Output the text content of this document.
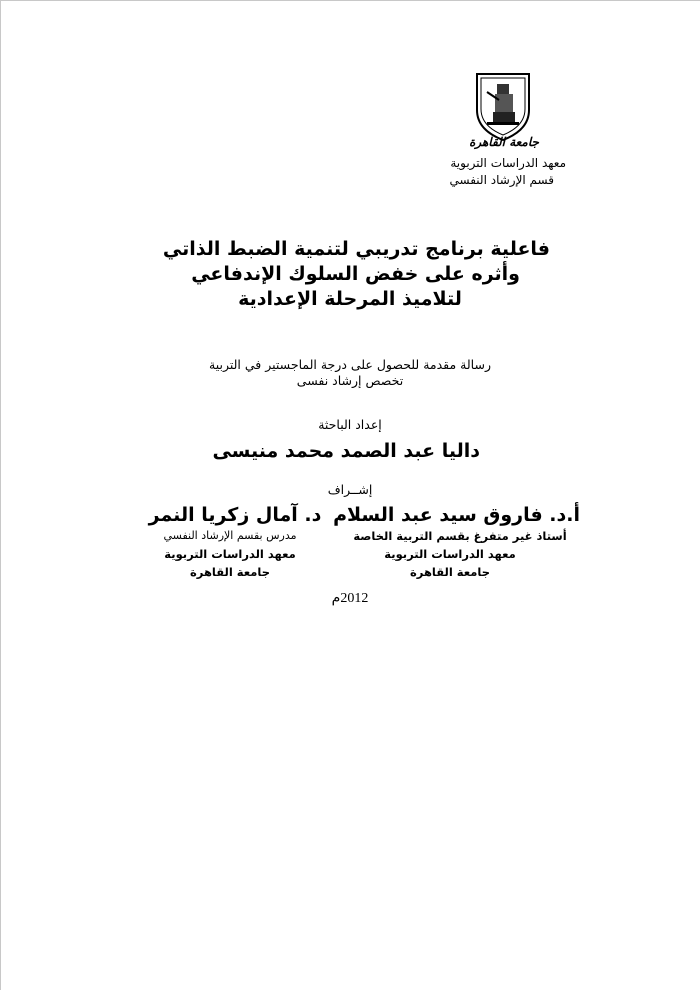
جامعة القاهرة
معهد الدراسات التربوية
قسم الإرشاد النفسي
فاعلية برنامج تدريبي لتنمية الضبط الذاتي
وأثره على خفض السلوك الإندفاعي
لتلاميذ المرحلة الإعدادية
رسالة مقدمة للحصول على درجة الماجستير في التربية
تخصص إرشاد نفسى
إعداد الباحثة
داليا عبد الصمد محمد منيسى
إشــراف
أ.د. فاروق سيد عبد السلام
أستاذ غير متفرغ بقسم التربية الخاصة
معهد الدراسات التربوية
جامعة القاهرة
د. آمال زكريا النمر
مدرس بقسم الإرشاد النفسي
معهد الدراسات التربوية
جامعة القاهرة
2012م
